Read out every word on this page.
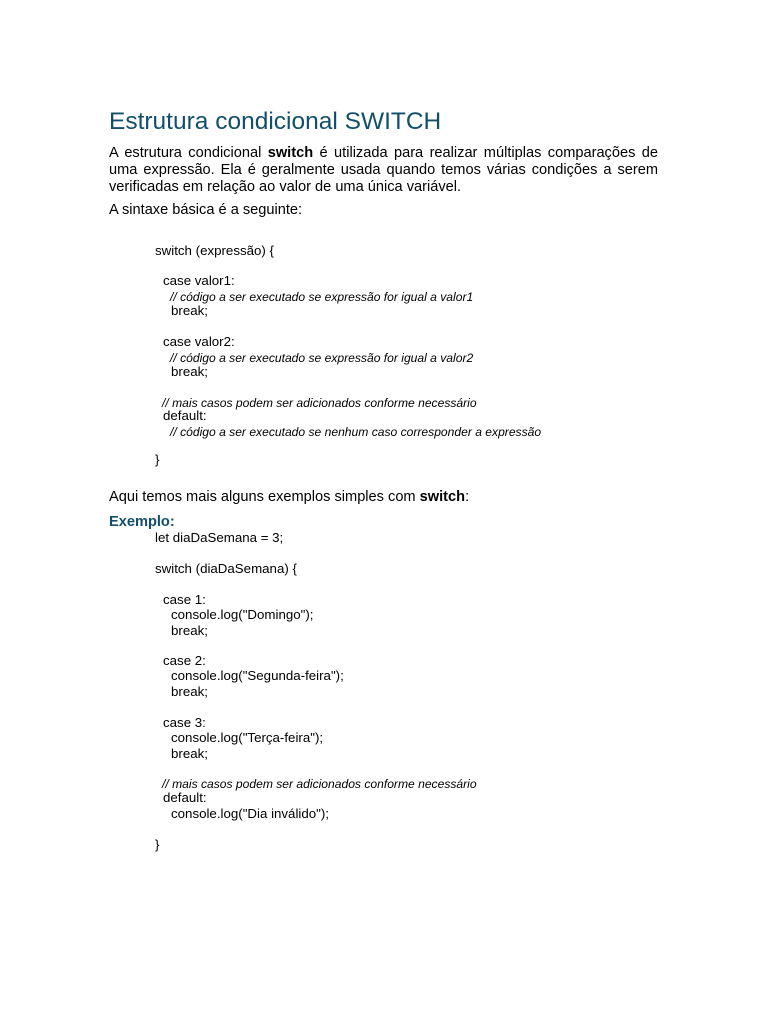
Estrutura condicional SWITCH
A estrutura condicional switch é utilizada para realizar múltiplas comparações de uma expressão. Ela é geralmente usada quando temos várias condições a serem verificadas em relação ao valor de uma única variável.
A sintaxe básica é a seguinte:
switch (expressão) {
case valor1:
// código a ser executado se expressão for igual a valor1
break;
case valor2:
// código a ser executado se expressão for igual a valor2
break;
// mais casos podem ser adicionados conforme necessário
default:
// código a ser executado se nenhum caso corresponder a expressão
}
Aqui temos mais alguns exemplos simples com switch:
Exemplo:
let diaDaSemana = 3;
switch (diaDaSemana) {
case 1:
console.log("Domingo");
break;
case 2:
console.log("Segunda-feira");
break;
case 3:
console.log("Terça-feira");
break;
// mais casos podem ser adicionados conforme necessário
default:
console.log("Dia inválido");
}
